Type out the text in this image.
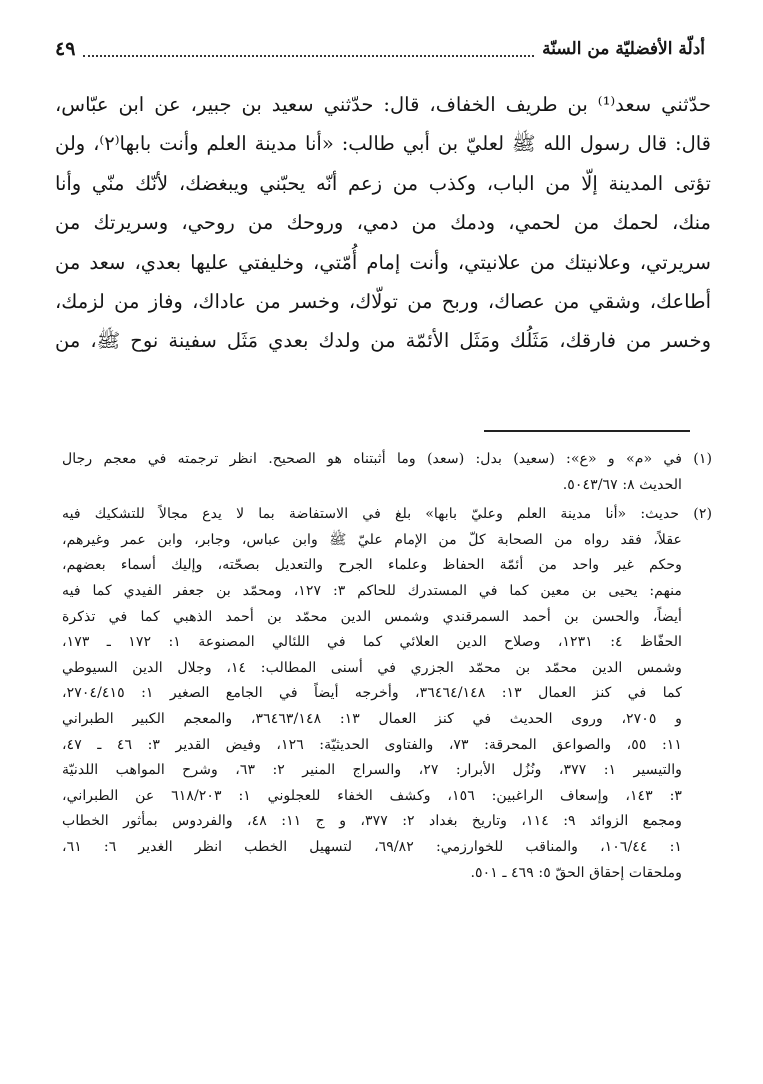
أدلّة الأفضليّة من السنّة
٤٩
حدّثني سعد⁽¹⁾ بن طريف الخفاف، قال: حدّثني سعيد بن جبير، عن ابن عبّاس،
قال: قال رسول الله ﷺ لعليّ بن أبي طالب: «أنا مدينة العلم وأنت بابها⁽٢⁾، ولن
تؤتى المدينة إلّا من الباب، وكذب من زعم أنّه يحبّني ويبغضك، لأنّك منّي وأنا
منك، لحمك من لحمي، ودمك من دمي، وروحك من روحي، وسريرتك من
سريرتي، وعلانيتك من علانيتي، وأنت إمام أُمّتي، وخليفتي عليها بعدي، سعد من
أطاعك، وشقي من عصاك، وربح من تولّاك، وخسر من عاداك، وفاز من لزمك،
وخسر من فارقك، مَثَلُك ومَثَل الأئمّة من ولدك بعدي مَثَل سفينة نوح ﷺ، من
(١) في «م» و «ع»: (سعيد) بدل: (سعد) وما أثبتناه هو الصحيح. انظر ترجمته في معجم رجال
الحديث ٨: ٥٠٤٣/٦٧.
(٢) حديث: «أنا مدينة العلم وعليّ بابها» بلغ في الاستفاضة بما لا يدع مجالاً للتشكيك فيه
عقلاً، فقد رواه من الصحابة كلّ من الإمام عليّ ﷺ وابن عباس، وجابر، وابن عمر وغيرهم،
وحكم غير واحد من أئمّة الحفاظ وعلماء الجرح والتعديل بصحّته، وإليك أسماء بعضهم،
منهم: يحيى بن معين كما في المستدرك للحاكم ٣: ١٢٧، ومحمّد بن جعفر الفيدي كما فيه
أيضاً، والحسن بن أحمد السمرقندي وشمس الدين محمّد بن أحمد الذهبي كما في تذكرة
الحفّاظ ٤: ١٢٣١، وصلاح الدين العلائي كما في اللئالي المصنوعة ١: ١٧٢ ـ ١٧٣،
وشمس الدين محمّد بن محمّد الجزري في أسنى المطالب: ١٤، وجلال الدين السيوطي
كما في كنز العمال ١٣: ٣٦٤٦٤/١٤٨، وأخرجه أيضاً في الجامع الصغير ١: ٢٧٠٤/٤١٥،
و ٢٧٠٥، وروى الحديث في كنز العمال ١٣: ٣٦٤٦٣/١٤٨، والمعجم الكبير الطبراني
١١: ٥٥، والصواعق المحرقة: ٧٣، والفتاوى الحديثيّة: ١٢٦، وفيض القدير ٣: ٤٦ ـ ٤٧،
والتيسير ١: ٣٧٧، ونُزُل الأبرار: ٢٧، والسراج المنير ٢: ٦٣، وشرح المواهب اللدنيّة
٣: ١٤٣، وإسعاف الراغبين: ١٥٦، وكشف الخفاء للعجلوني ١: ٦١٨/٢٠٣ عن الطبراني،
ومجمع الزوائد ٩: ١١٤، وتاريخ بغداد ٢: ٣٧٧، و ج ١١: ٤٨، والفردوس بمأثور الخطاب
١: ١٠٦/٤٤، والمناقب للخوارزمي: ٦٩/٨٢، لتسهيل الخطب انظر الغدير ٦: ٦١،
وملحقات إحقاق الحقّ ٥: ٤٦٩ ـ ٥٠١.
